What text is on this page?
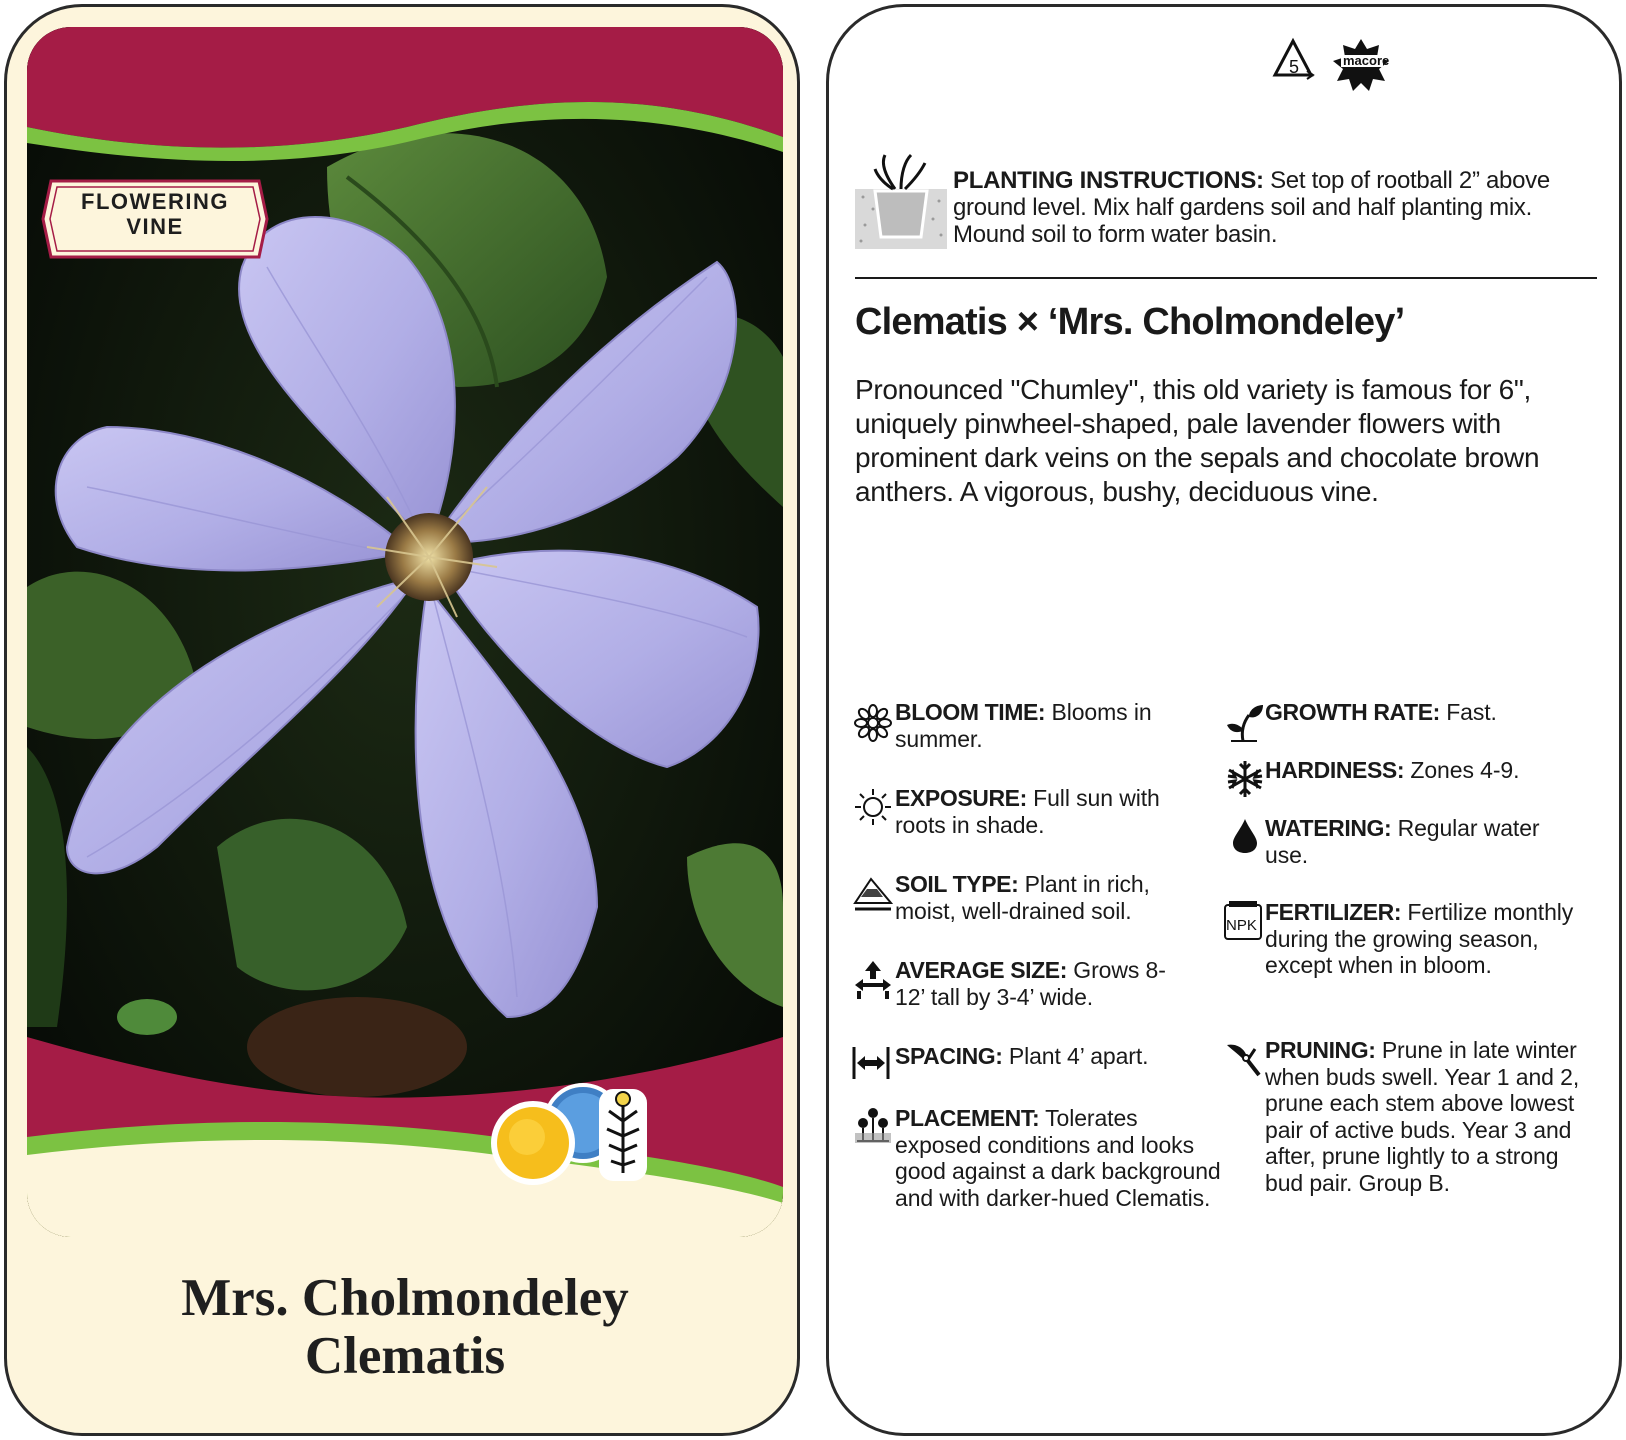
FLOWERING
VINE
Mrs. Cholmondeley
Clematis
5	macore
PLANTING INSTRUCTIONS: Set top of rootball 2” above ground level. Mix half gardens soil and half planting mix. Mound soil to form water basin.
Clematis × ‘Mrs. Cholmondeley’
Pronounced "Chumley", this old variety is famous for 6", uniquely pinwheel-shaped, pale lavender flowers with prominent dark veins on the sepals and chocolate brown anthers. A vigorous, bushy, deciduous vine.
BLOOM TIME: Blooms in summer.
EXPOSURE: Full sun with roots in shade.
SOIL TYPE: Plant in rich, moist, well-drained soil.
AVERAGE SIZE: Grows 8-12’ tall by 3-4’ wide.
SPACING: Plant 4’ apart.
PLACEMENT: Tolerates exposed conditions and looks good against a dark background and with darker-hued Clematis.
GROWTH RATE: Fast.
HARDINESS: Zones 4-9.
WATERING: Regular water use.
NPK
FERTILIZER: Fertilize monthly during the growing season, except when in bloom.
PRUNING: Prune in late winter when buds swell. Year 1 and 2, prune each stem above lowest pair of active buds. Year 3 and after, prune lightly to a strong bud pair. Group B.
